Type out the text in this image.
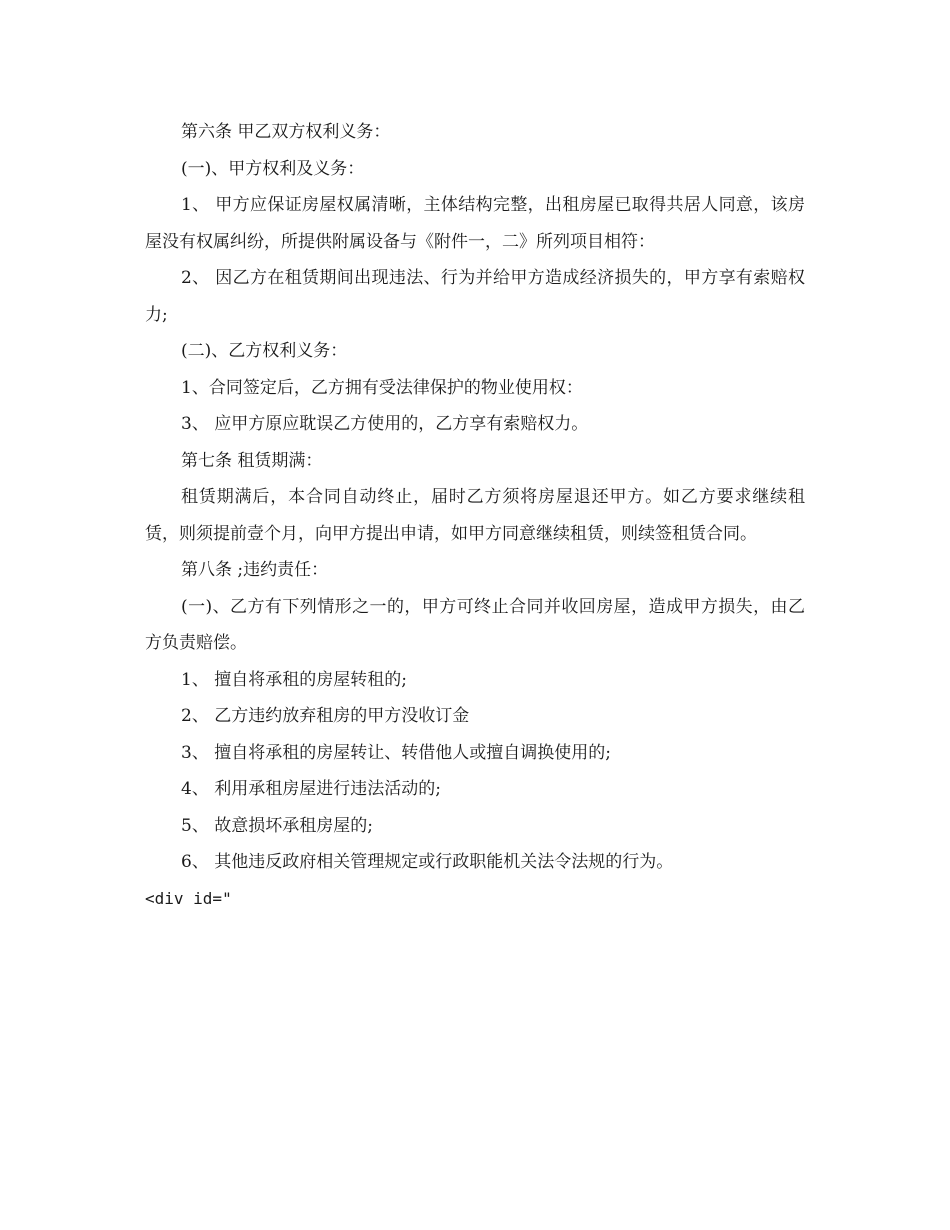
第六条 甲乙双方权利义务：

(一)、甲方权利及义务：

1、 甲方应保证房屋权属清晰，主体结构完整，出租房屋已取得共居人同意，该房屋没有权属纠纷，所提供附属设备与《附件一，二》所列项目相符：

2、 因乙方在租赁期间出现违法、行为并给甲方造成经济损失的，甲方享有索赔权力;

(二)、乙方权利义务：

1、合同签定后，乙方拥有受法律保护的物业使用权：

3、 应甲方原应耽误乙方使用的，乙方享有索赔权力。

第七条 租赁期满：

租赁期满后，本合同自动终止，届时乙方须将房屋退还甲方。如乙方要求继续租赁，则须提前壹个月，向甲方提出申请，如甲方同意继续租赁，则续签租赁合同。

第八条 ;违约责任：

(一)、乙方有下列情形之一的，甲方可终止合同并收回房屋，造成甲方损失，由乙方负责赔偿。

1、 擅自将承租的房屋转租的;

2、 乙方违约放弃租房的甲方没收订金

3、 擅自将承租的房屋转让、转借他人或擅自调换使用的;

4、 利用承租房屋进行违法活动的;

5、 故意损坏承租房屋的;

6、 其他违反政府相关管理规定或行政职能机关法令法规的行为。

<div id="
